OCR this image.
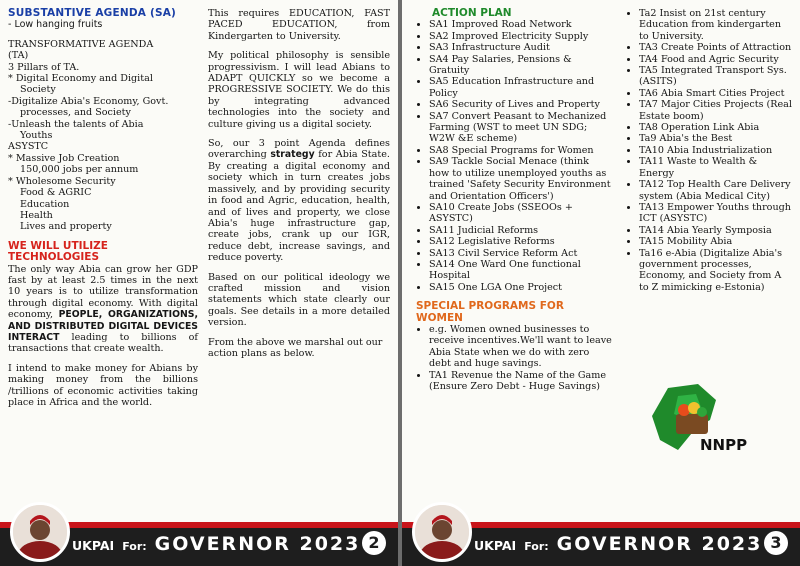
SUBSTANTIVE AGENDA (SA)

- Low hanging fruits

TRANSFORMATIVE AGENDA

(TA)

3 Pillars of TA.

* Digital Economy and Digital

Society

-Digitalize Abia's Economy, Govt.

processes, and Society

-Unleash the talents of Abia

Youths

ASYSTC

* Massive Job Creation

150,000 jobs per annum

* Wholesome Security

Food & AGRIC

Education

Health

Lives and property

WE WILL UTILIZE TECHNOLOGIES

The only way Abia can grow her GDP fast by at least 2.5 times in the next 10 years is to utilize transformation through digital economy. With digital economy, PEOPLE, ORGANIZATIONS, AND DISTRIBUTED DIGITAL DEVICES INTERACT leading to billions of transactions that create wealth.

I intend to make money for Abians by making money from the billions /trillions of economic activities taking place in Africa and the world.

This requires EDUCATION, FAST PACED EDUCATION, from Kindergarten to University.

My political philosophy is sensible progressivism. I will lead Abians to ADAPT QUICKLY so we become a PROGRESSIVE SOCIETY. We do this by integrating advanced technologies into the society and culture giving us a digital society.

So, our 3 point Agenda defines overarching strategy for Abia State. By creating a digital economy and society which in turn creates jobs massively, and by providing security in food and Agric, education, health, and of lives and property, we close Abia's huge infrastructure gap, create jobs, crank up our IGR, reduce debt, increase savings, and reduce poverty.

Based on our political ideology we crafted mission and vision statements which state clearly our goals. See details in a more detailed version.

From the above we marshal out our action plans as below.

UKPAI For: GOVERNOR 2023 2

ACTION PLAN

• SA1 Improved Road Network
• SA2 Improved Electricity Supply
• SA3 Infrastructure Audit
• SA4 Pay Salaries, Pensions & Gratuity
• SA5 Education Infrastructure and Policy
• SA6 Security of Lives and Property
• SA7 Convert Peasant to Mechanized Farming (WST to meet UN SDG; W2W &E scheme)
• SA8 Special Programs for Women
• SA9 Tackle Social Menace (think how to utilize unemployed youths as trained 'Safety Security Environment and Orientation Officers')
• SA10 Create Jobs (SSEOOs + ASYSTC)
• SA11 Judicial Reforms
• SA12 Legislative Reforms
• SA13 Civil Service Reform Act
• SA14 One Ward One functional Hospital
• SA15 One LGA One Project

SPECIAL PROGRAMS FOR WOMEN

• e.g. Women owned businesses to receive incentives.We'll want to leave Abia State when we do with zero debt and huge savings.
• TA1 Revenue the Name of the Game (Ensure Zero Debt - Huge Savings)
• Ta2 Insist on 21st century Education from kindergarten to University.
• TA3 Create Points of Attraction
• TA4 Food and Agric Security
• TA5 Integrated Transport Sys. (ASITS)
• TA6 Abia Smart Cities Project
• TA7 Major Cities Projects (Real Estate boom)
• TA8 Operation Link Abia
• Ta9 Abia's the Best
• TA10 Abia Industrialization
• TA11 Waste to Wealth & Energy
• TA12 Top Health Care Delivery system (Abia Medical City)
• TA13 Empower Youths through ICT (ASYSTC)
• TA14 Abia Yearly Symposia
• TA15 Mobility Abia
• Ta16 e-Abia (Digitalize Abia's government processes, Economy, and Society from A to Z mimicking e-Estonia)
NNPP
UKPAI For: GOVERNOR 2023 3
